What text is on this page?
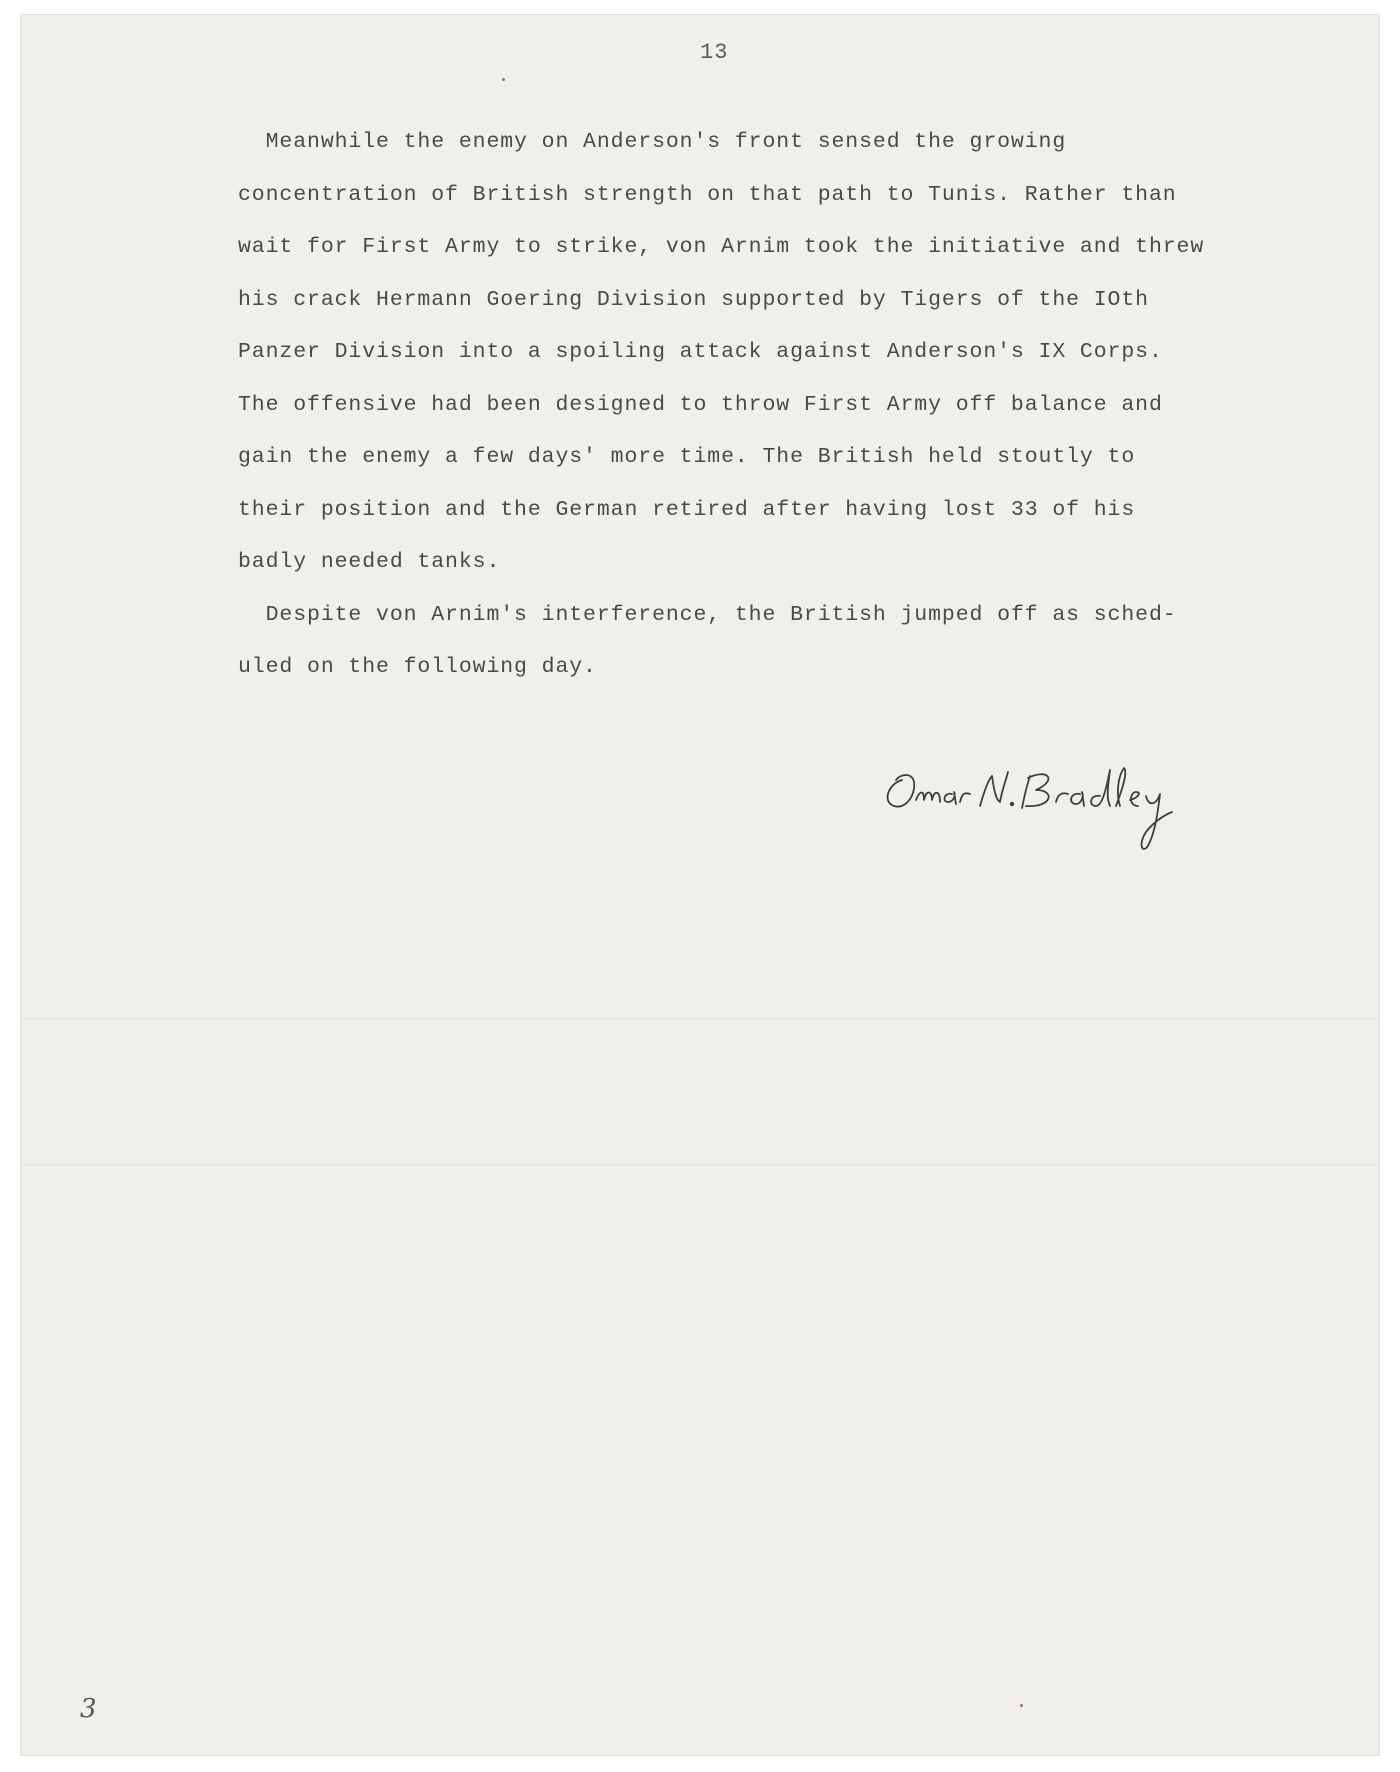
13
Meanwhile the enemy on Anderson's front sensed the growing
concentration of British strength on that path to Tunis. Rather than
wait for First Army to strike, von Arnim took the initiative and threw
his crack Hermann Goering Division supported by Tigers of the IOth
Panzer Division into a spoiling attack against Anderson's IX Corps.
The offensive had been designed to throw First Army off balance and
gain the enemy a few days' more time. The British held stoutly to
their position and the German retired after having lost 33 of his
badly needed tanks.
Despite von Arnim's interference, the British jumped off as sched-
uled on the following day.
3
